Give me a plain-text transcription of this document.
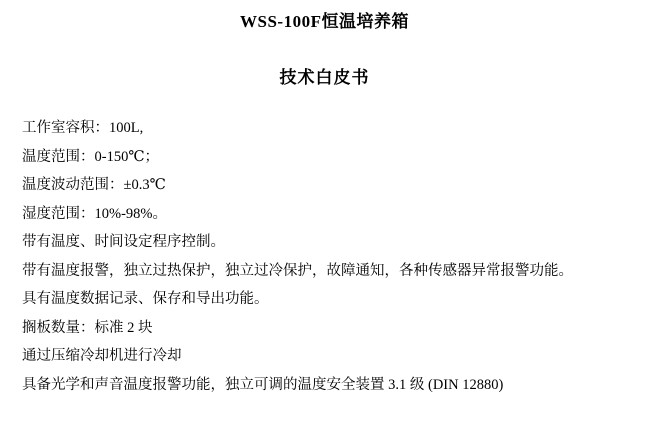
WSS-100F恒温培养箱
技术白皮书
工作室容积：100L,
温度范围：0-150℃；
温度波动范围：±0.3℃
湿度范围：10%-98%。
带有温度、时间设定程序控制。
带有温度报警，独立过热保护，独立过冷保护，故障通知，各种传感器异常报警功能。
具有温度数据记录、保存和导出功能。
搁板数量：标准 2 块
通过压缩冷却机进行冷却
具备光学和声音温度报警功能，独立可调的温度安全装置 3.1 级 (DIN 12880)
